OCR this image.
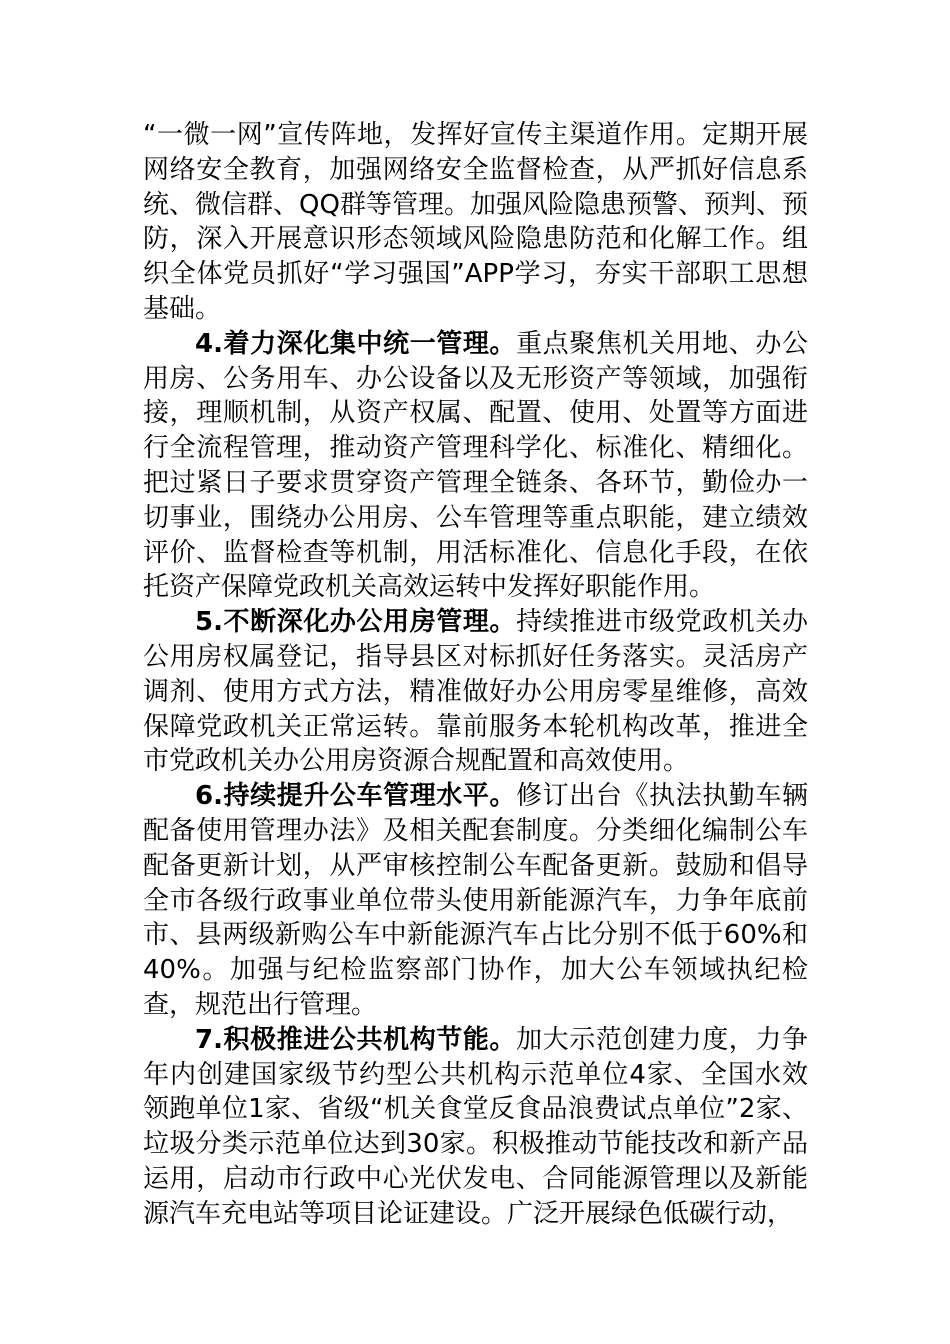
“一微一网”宣传阵地，发挥好宣传主渠道作用。定期开展网络安全教育，加强网络安全监督检查，从严抓好信息系统、微信群、QQ群等管理。加强风险隐患预警、预判、预防，深入开展意识形态领域风险隐患防范和化解工作。组织全体党员抓好“学习强国”APP学习，夯实干部职工思想基础。

4.着力深化集中统一管理。重点聚焦机关用地、办公用房、公务用车、办公设备以及无形资产等领域，加强衔接，理顺机制，从资产权属、配置、使用、处置等方面进行全流程管理，推动资产管理科学化、标准化、精细化。把过紧日子要求贯穿资产管理全链条、各环节，勤俭办一切事业，围绕办公用房、公车管理等重点职能，建立绩效评价、监督检查等机制，用活标准化、信息化手段，在依托资产保障党政机关高效运转中发挥好职能作用。

5.不断深化办公用房管理。持续推进市级党政机关办公用房权属登记，指导县区对标抓好任务落实。灵活房产调剂、使用方式方法，精准做好办公用房零星维修，高效保障党政机关正常运转。靠前服务本轮机构改革，推进全市党政机关办公用房资源合规配置和高效使用。

6.持续提升公车管理水平。修订出台《执法执勤车辆配备使用管理办法》及相关配套制度。分类细化编制公车配备更新计划，从严审核控制公车配备更新。鼓励和倡导全市各级行政事业单位带头使用新能源汽车，力争年底前市、县两级新购公车中新能源汽车占比分别不低于60%和40%。加强与纪检监察部门协作，加大公车领域执纪检查，规范出行管理。

7.积极推进公共机构节能。加大示范创建力度，力争年内创建国家级节约型公共机构示范单位4家、全国水效领跑单位1家、省级“机关食堂反食品浪费试点单位”2家、垃圾分类示范单位达到30家。积极推动节能技改和新产品运用，启动市行政中心光伏发电、合同能源管理以及新能源汽车充电站等项目论证建设。广泛开展绿色低碳行动，
